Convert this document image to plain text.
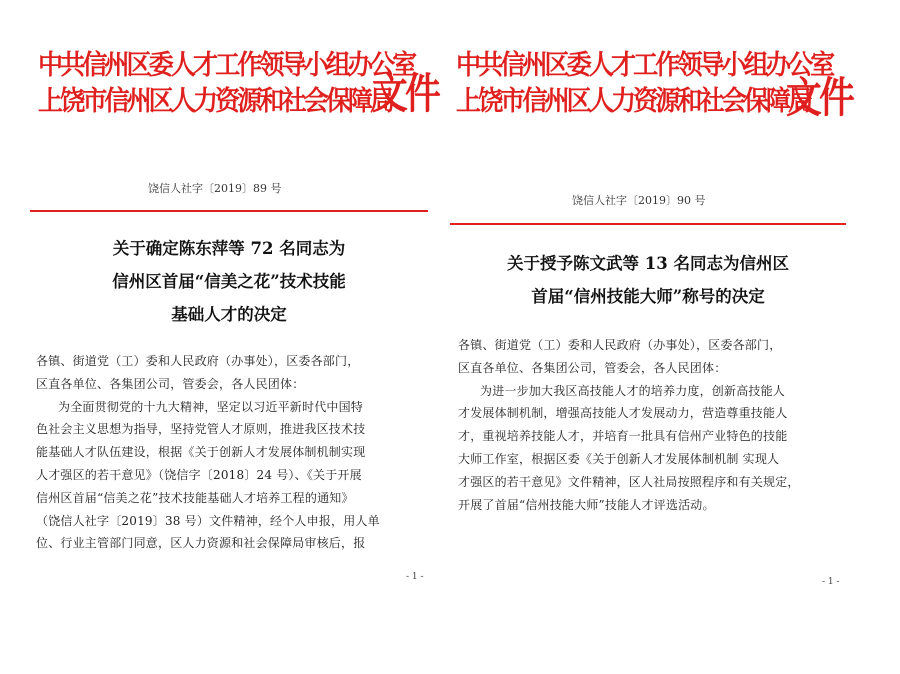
中共信州区委人才工作领导小组办公室
上饶市信州区人力资源和社会保障局
文件
饶信人社字〔2019〕89 号
关于确定陈东萍等 72 名同志为
信州区首届“信美之花”技术技能
基础人才的决定

各镇、街道党（工）委和人民政府（办事处），区委各部门，

区直各单位、各集团公司，管委会，各人民团体：

为全面贯彻党的十九大精神，坚定以习近平新时代中国特

色社会主义思想为指导，坚持党管人才原则，推进我区技术技

能基础人才队伍建设，根据《关于创新人才发展体制机制实现

人才强区的若干意见》（饶信字〔2018〕24 号）、《关于开展

信州区首届“信美之花”技术技能基础人才培养工程的通知》

（饶信人社字〔2019〕38 号）文件精神，经个人申报，用人单

位、行业主管部门同意，区人力资源和社会保障局审核后，报

- 1 -
中共信州区委人才工作领导小组办公室
上饶市信州区人力资源和社会保障局
文件
饶信人社字〔2019〕90 号
关于授予陈文武等 13 名同志为信州区
首届“信州技能大师”称号的决定

各镇、街道党（工）委和人民政府（办事处），区委各部门，

区直各单位、各集团公司，管委会，各人民团体：

为进一步加大我区高技能人才的培养力度，创新高技能人

才发展体制机制，增强高技能人才发展动力，营造尊重技能人

才，重视培养技能人才，并培育一批具有信州产业特色的技能

大师工作室，根据区委《关于创新人才发展体制机制 实现人

才强区的若干意见》文件精神，区人社局按照程序和有关规定，

开展了首届“信州技能大师”技能人才评选活动。

- 1 -
